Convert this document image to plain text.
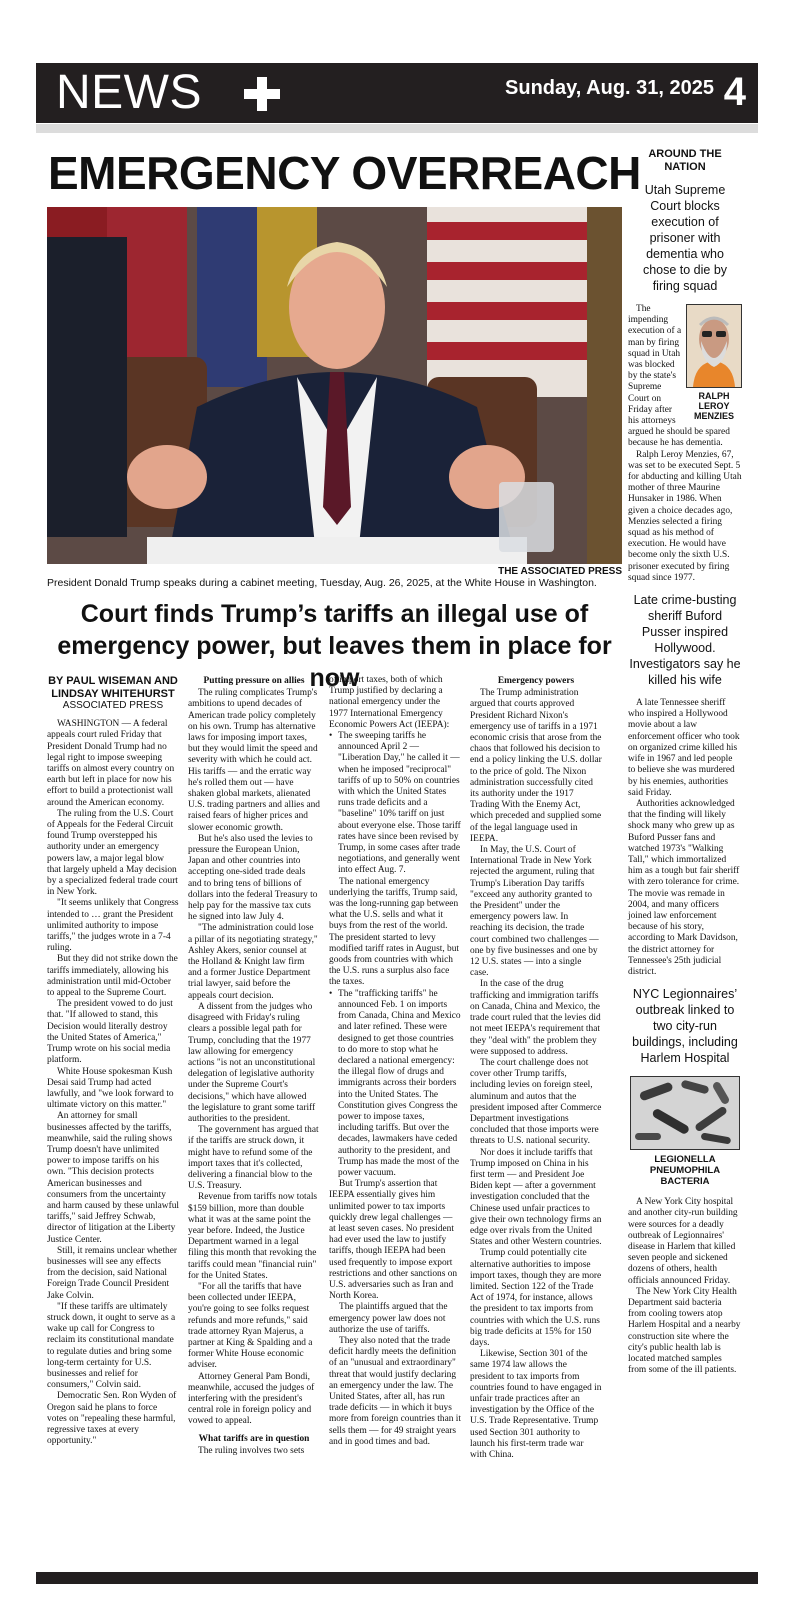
NEWS	Sunday, Aug. 31, 2025 4
EMERGENCY OVERREACH
THE ASSOCIATED PRESS
President Donald Trump speaks during a cabinet meeting, Tuesday, Aug. 26, 2025, at the White House in Washington.
Court finds Trump’s tariffs an illegal use of emergency power, but leaves them in place for now
BY PAUL WISEMAN AND LINDSAY WHITEHURST
ASSOCIATED PRESS

WASHINGTON — A federal appeals court ruled Friday that President Donald Trump had no legal right to impose sweeping tariffs on almost every country on earth but left in place for now his effort to build a protectionist wall around the American economy.

The ruling from the U.S. Court of Appeals for the Federal Circuit found Trump overstepped his authority under an emergency powers law, a major legal blow that largely upheld a May decision by a specialized federal trade court in New York.

"It seems unlikely that Congress intended to … grant the President unlimited authority to impose tariffs," the judges wrote in a 7-4 ruling.

But they did not strike down the tariffs immediately, allowing his administration until mid-October to appeal to the Supreme Court.

The president vowed to do just that. "If allowed to stand, this Decision would literally destroy the United States of America," Trump wrote on his social media platform.

White House spokesman Kush Desai said Trump had acted lawfully, and "we look forward to ultimate victory on this matter."

An attorney for small businesses affected by the tariffs, meanwhile, said the ruling shows Trump doesn't have unlimited power to impose tariffs on his own. "This decision protects American businesses and consumers from the uncertainty and harm caused by these unlawful tariffs," said Jeffrey Schwab, director of litigation at the Liberty Justice Center.

Still, it remains unclear whether businesses will see any effects from the decision, said National Foreign Trade Council President Jake Colvin.

"If these tariffs are ultimately struck down, it ought to serve as a wake up call for Congress to reclaim its constitutional mandate to regulate duties and bring some long-term certainty for U.S. businesses and relief for consumers," Colvin said.

Democratic Sen. Ron Wyden of Oregon said he plans to force votes on "repealing these harmful, regressive taxes at every opportunity."

Putting pressure on allies

The ruling complicates Trump's ambitions to upend decades of American trade policy completely on his own. Trump has alternative laws for imposing import taxes, but they would limit the speed and severity with which he could act. His tariffs — and the erratic way he's rolled them out — have shaken global markets, alienated U.S. trading partners and allies and raised fears of higher prices and slower economic growth.

But he's also used the levies to pressure the European Union, Japan and other countries into accepting one-sided trade deals and to bring tens of billions of dollars into the federal Treasury to help pay for the massive tax cuts he signed into law July 4.

"The administration could lose a pillar of its negotiating strategy," Ashley Akers, senior counsel at the Holland & Knight law firm and a former Justice Department trial lawyer, said before the appeals court decision.

A dissent from the judges who disagreed with Friday's ruling clears a possible legal path for Trump, concluding that the 1977 law allowing for emergency actions "is not an unconstitutional delegation of legislative authority under the Supreme Court's decisions," which have allowed the legislature to grant some tariff authorities to the president.

The government has argued that if the tariffs are struck down, it might have to refund some of the import taxes that it's collected, delivering a financial blow to the U.S. Treasury.

Revenue from tariffs now totals $159 billion, more than double what it was at the same point the year before. Indeed, the Justice Department warned in a legal filing this month that revoking the tariffs could mean "financial ruin" for the United States.

"For all the tariffs that have been collected under IEEPA, you're going to see folks request refunds and more refunds," said trade attorney Ryan Majerus, a partner at King & Spalding and a former White House economic adviser.

Attorney General Pam Bondi, meanwhile, accused the judges of interfering with the president's central role in foreign policy and vowed to appeal.

What tariffs are in question

The ruling involves two sets

of import taxes, both of which Trump justified by declaring a national emergency under the 1977 International Emergency Economic Powers Act (IEEPA):

• The sweeping tariffs he announced April 2 — "Liberation Day," he called it — when he imposed "reciprocal" tariffs of up to 50% on countries with which the United States runs trade deficits and a "baseline" 10% tariff on just about everyone else. Those tariff rates have since been revised by Trump, in some cases after trade negotiations, and generally went into effect Aug. 7.

The national emergency underlying the tariffs, Trump said, was the long-running gap between what the U.S. sells and what it buys from the rest of the world. The president started to levy modified tariff rates in August, but goods from countries with which the U.S. runs a surplus also face the taxes.

• The "trafficking tariffs" he announced Feb. 1 on imports from Canada, China and Mexico and later refined. These were designed to get those countries to do more to stop what he declared a national emergency: the illegal flow of drugs and immigrants across their borders into the United States. The Constitution gives Congress the power to impose taxes, including tariffs. But over the decades, lawmakers have ceded authority to the president, and Trump has made the most of the power vacuum.

But Trump's assertion that IEEPA essentially gives him unlimited power to tax imports quickly drew legal challenges — at least seven cases. No president had ever used the law to justify tariffs, though IEEPA had been used frequently to impose export restrictions and other sanctions on U.S. adversaries such as Iran and North Korea.

The plaintiffs argued that the emergency power law does not authorize the use of tariffs.

They also noted that the trade deficit hardly meets the definition of an "unusual and extraordinary" threat that would justify declaring an emergency under the law. The United States, after all, has run trade deficits — in which it buys more from foreign countries than it sells them — for 49 straight years and in good times and bad.

Emergency powers

The Trump administration argued that courts approved President Richard Nixon's emergency use of tariffs in a 1971 economic crisis that arose from the chaos that followed his decision to end a policy linking the U.S. dollar to the price of gold. The Nixon administration successfully cited its authority under the 1917 Trading With the Enemy Act, which preceded and supplied some of the legal language used in IEEPA.

In May, the U.S. Court of International Trade in New York rejected the argument, ruling that Trump's Liberation Day tariffs "exceed any authority granted to the President" under the emergency powers law. In reaching its decision, the trade court combined two challenges — one by five businesses and one by 12 U.S. states — into a single case.

In the case of the drug trafficking and immigration tariffs on Canada, China and Mexico, the trade court ruled that the levies did not meet IEEPA's requirement that they "deal with" the problem they were supposed to address.

The court challenge does not cover other Trump tariffs, including levies on foreign steel, aluminum and autos that the president imposed after Commerce Department investigations concluded that those imports were threats to U.S. national security.

Nor does it include tariffs that Trump imposed on China in his first term — and President Joe Biden kept — after a government investigation concluded that the Chinese used unfair practices to give their own technology firms an edge over rivals from the United States and other Western countries.

Trump could potentially cite alternative authorities to impose import taxes, though they are more limited. Section 122 of the Trade Act of 1974, for instance, allows the president to tax imports from countries with which the U.S. runs big trade deficits at 15% for 150 days.

Likewise, Section 301 of the same 1974 law allows the president to tax imports from countries found to have engaged in unfair trade practices after an investigation by the Office of the U.S. Trade Representative. Trump used Section 301 authority to launch his first-term trade war with China.

AROUND THE NATION
Utah Supreme Court blocks execution of prisoner with dementia who chose to die by firing squad
RALPH LEROY MENZIES

The impending execution of a man by firing squad in Utah was blocked by the state's Supreme Court on Friday after his attorneys argued he should be spared because he has dementia.

Ralph Leroy Menzies, 67, was set to be executed Sept. 5 for abducting and killing Utah mother of three Maurine Hunsaker in 1986. When given a choice decades ago, Menzies selected a firing squad as his method of execution. He would have become only the sixth U.S. prisoner executed by firing squad since 1977.

Late crime-busting sheriff Buford Pusser inspired Hollywood. Investigators say he killed his wife

A late Tennessee sheriff who inspired a Hollywood movie about a law enforcement officer who took on organized crime killed his wife in 1967 and led people to believe she was murdered by his enemies, authorities said Friday.

Authorities acknowledged that the finding will likely shock many who grew up as Buford Pusser fans and watched 1973's "Walking Tall," which immortalized him as a tough but fair sheriff with zero tolerance for crime. The movie was remade in 2004, and many officers joined law enforcement because of his story, according to Mark Davidson, the district attorney for Tennessee's 25th judicial district.

NYC Legionnaires’ outbreak linked to two city-run buildings, including Harlem Hospital
LEGIONELLA PNEUMOPHILA BACTERIA

A New York City hospital and another city-run building were sources for a deadly outbreak of Legionnaires' disease in Harlem that killed seven people and sickened dozens of others, health officials announced Friday.

The New York City Health Department said bacteria from cooling towers atop Harlem Hospital and a nearby construction site where the city's public health lab is located matched samples from some of the ill patients.
